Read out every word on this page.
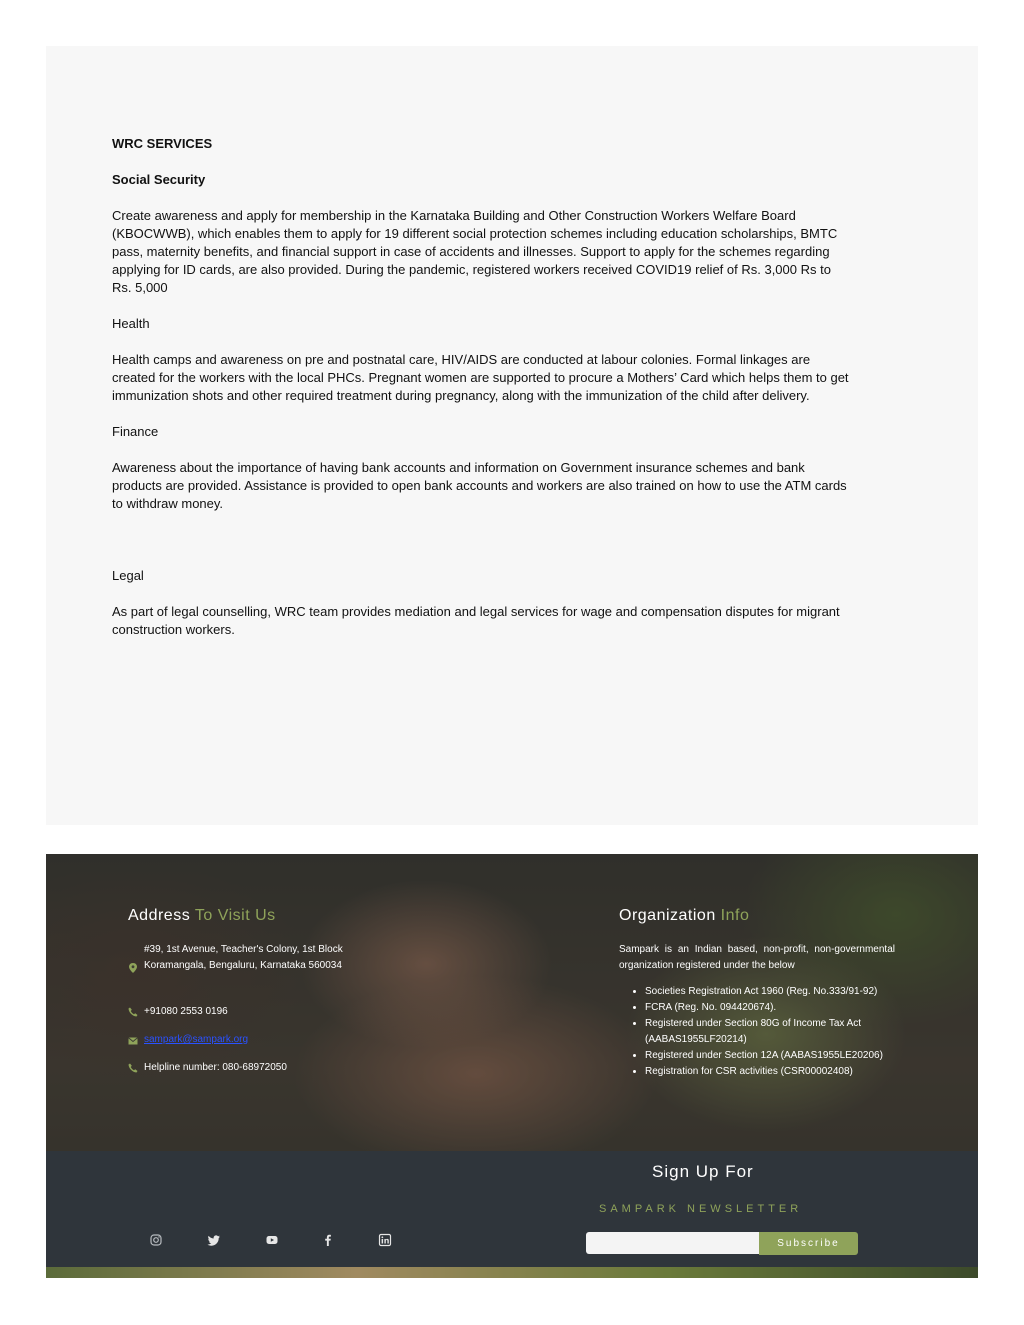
WRC SERVICES

Social Security

Create awareness and apply for membership in the Karnataka Building and Other Construction Workers Welfare Board (KBOCWWB), which enables them to apply for 19 different social protection schemes including education scholarships, BMTC pass, maternity benefits, and financial support in case of accidents and illnesses. Support to apply for the schemes regarding applying for ID cards, are also provided. During the pandemic, registered workers received COVID19 relief of Rs. 3,000 Rs to Rs. 5,000

Health

Health camps and awareness on pre and postnatal care, HIV/AIDS are conducted at labour colonies. Formal linkages are created for the workers with the local PHCs. Pregnant women are supported to procure a Mothers’ Card which helps them to get immunization shots and other required treatment during pregnancy, along with the immunization of the child after delivery.

Finance

Awareness about the importance of having bank accounts and information on Government insurance schemes and bank products are provided. Assistance is provided to open bank accounts and workers are also trained on how to use the ATM cards to withdraw money.

Legal

As part of legal counselling, WRC team provides mediation and legal services for wage and compensation disputes for migrant construction workers.

Address To Visit Us
#39, 1st Avenue, Teacher's Colony, 1st Block Koramangala, Bengaluru, Karnataka 560034
+91080 2553 0196
sampark@sampark.org
Helpline number: 080-68972050
Organization Info
Sampark is an Indian based, non-profit, non-governmental organization registered under the below
• Societies Registration Act 1960 (Reg. No.333/91-92)
• FCRA (Reg. No. 094420674).
• Registered under Section 80G of Income Tax Act (AABAS1955LF20214)
• Registered under Section 12A (AABAS1955LE20206)
• Registration for CSR activities (CSR00002408)
Sign Up For
SAMPARK NEWSLETTER
Subscribe
